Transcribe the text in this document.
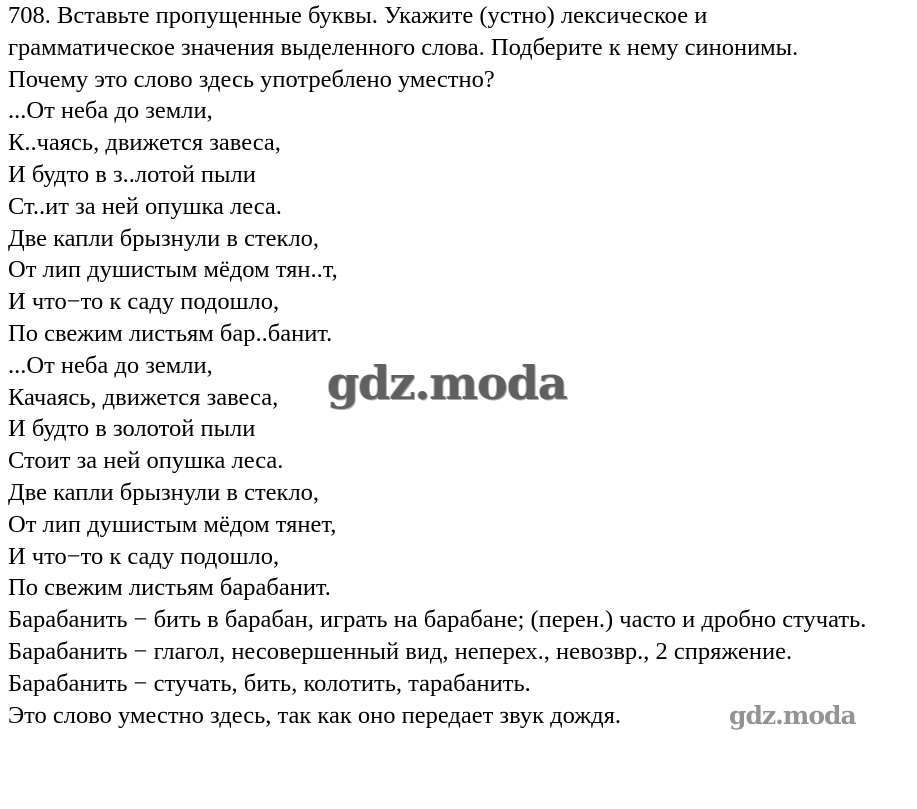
708. Вставьте пропущенные буквы. Укажите (устно) лексическое и

грамматическое значения выделенного слова. Подберите к нему синонимы.

Почему это слово здесь употреблено уместно?

...От неба до земли,

К..чаясь, движется завеса,

И будто в з..лотой пыли

Ст..ит за ней опушка леса.

Две капли брызнули в стекло,

От лип душистым мёдом тян..т,

И что−то к саду подошло,

По свежим листьям бар..банит.

...От неба до земли,

Качаясь, движется завеса,

И будто в золотой пыли

Стоит за ней опушка леса.

Две капли брызнули в стекло,

От лип душистым мёдом тянет,

И что−то к саду подошло,

По свежим листьям барабанит.

Барабанить − бить в барабан, играть на барабане; (перен.) часто и дробно стучать.

Барабанить − глагол, несовершенный вид, неперех., невозвр., 2 спряжение.

Барабанить − стучать, бить, колотить, тарабанить.

Это слово уместно здесь, так как оно передает звук дождя.

gdz.moda
gdz.moda
